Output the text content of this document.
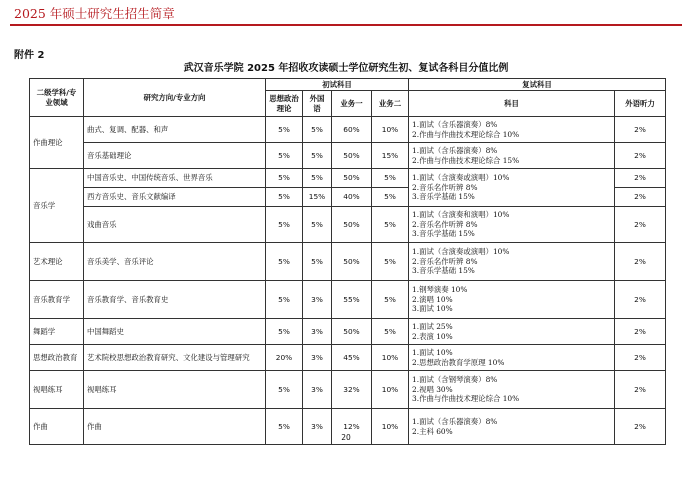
2025 年硕士研究生招生简章
附件 2
武汉音乐学院 2025 年招收攻读硕士学位研究生初、复试各科目分值比例
二级学科/专业领域	研究方向/专业方向	初试科目				复试科目	
		思想政治理论	外国语	业务一	业务二	科目	外语听力
作曲理论	曲式、复调、配器、和声	5%	5%	60%	10%	1.面试（含乐器演奏）8%
2.作曲与作曲技术理论综合 10%	2%
	音乐基础理论	5%	5%	50%	15%	1.面试（含乐器演奏）8%
2.作曲与作曲技术理论综合 15%	2%
音乐学	中国音乐史、中国传统音乐、世界音乐	5%	5%	50%	5%	1.面试（含演奏或演唱）10%
2.音乐名作听辨 8%
3.音乐学基础 15%	2%
	西方音乐史、音乐文献编译	5%	15%	40%	5%		2%
	戏曲音乐	5%	5%	50%	5%	1.面试（含演奏和演唱）10%
2.音乐名作听辨 8%
3.音乐学基础 15%	2%
艺术理论	音乐美学、音乐评论	5%	5%	50%	5%	1.面试（含演奏或演唱）10%
2.音乐名作听辨 8%
3.音乐学基础 15%	2%
音乐教育学	音乐教育学、音乐教育史	5%	3%	55%	5%	1.钢琴演奏 10%
2.演唱 10%
3.面试 10%	2%
舞蹈学	中国舞蹈史	5%	3%	50%	5%	1.面试 25%
2.表演 10%	2%
思想政治教育	艺术院校思想政治教育研究、文化建设与管理研究	20%	3%	45%	10%	1.面试 10%
2.思想政治教育学原理 10%	2%
视唱练耳	视唱练耳	5%	3%	32%	10%	1.面试（含钢琴演奏）8%
2.视唱 30%
3.作曲与作曲技术理论综合 10%	2%
作曲	作曲	5%	3%	12%	10%	1.面试（含乐器演奏）8%
2.主科 60%	2%
20
